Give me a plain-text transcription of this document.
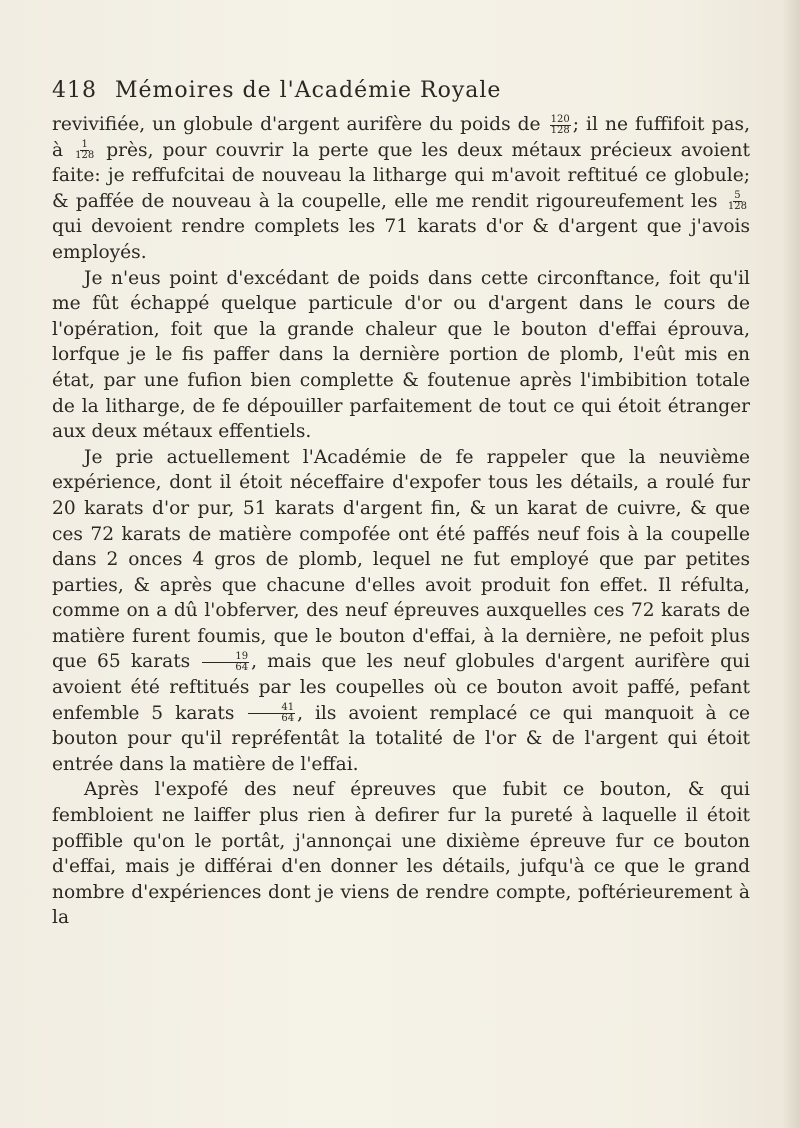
418 Mémoires de l'Académie Royale

revivifiée, un globule d'argent aurifère du poids de $\frac{120}{128}$ ; il ne fuffifoit pas, à $\frac{1}{128}$ près, pour couvrir la perte que les deux métaux précieux avoient faite: je reffufcitai de nouveau la litharge qui m'avoit reftitué ce globule; & paffée de nouveau à la coupelle, elle me rendit rigoureufement les $\frac{5}{128}$
qui devoient rendre complets les 71 karats d'or & d'argent que j'avois employés.

Je n'eus point d'excédant de poids dans cette circonftance, foit qu'il me fût échappé quelque particule d'or ou d'argent dans le cours de l'opération, foit que la grande chaleur que le bouton d'effai éprouva, lorfque je le fis paffer dans la dernière portion de plomb, l'eût mis en état, par une fufion bien complette & foutenue après l'imbibition totale de la litharge, de fe dépouiller parfaitement de tout ce qui étoit étranger aux deux métaux effentiels.

Je prie actuellement l'Académie de fe rappeler que la neuvième expérience, dont il étoit néceffaire d'expofer tous les détails, a roulé fur 20 karats d'or pur, 51 karats d'argent fin, & un karat de cuivre, & que ces 72 karats de matière compofée ont été paffés neuf fois à la coupelle dans 2 onces 4 gros de plomb, lequel ne fut employé que par petites parties, & après que chacune d'elles avoit produit fon effet. Il réfulta, comme on a dû l'obferver, des neuf épreuves auxquelles ces 72 karats de matière furent foumis, que le bouton d'effai, à la dernière, ne pefoit plus que 65 karats $\frac{19}{64}$ , mais que les neuf globules d'argent aurifère qui avoient été reftitués par les coupelles où ce bouton avoit paffé, pefant enfemble 5 karats $\frac{41}{64}$ , ils avoient remplacé ce qui manquoit à ce bouton pour qu'il repréfentât la totalité de l'or & de l'argent qui étoit entrée dans la matière de l'effai.

Après l'expofé des neuf épreuves que fubit ce bouton, & qui fembloient ne laiffer plus rien à defirer fur la pureté à laquelle il étoit poffible qu'on le portât, j'annonçai une dixième épreuve fur ce bouton d'effai, mais je différai d'en donner les détails, jufqu'à ce que le grand nombre d'expériences dont je viens de rendre compte, poftérieurement à la
